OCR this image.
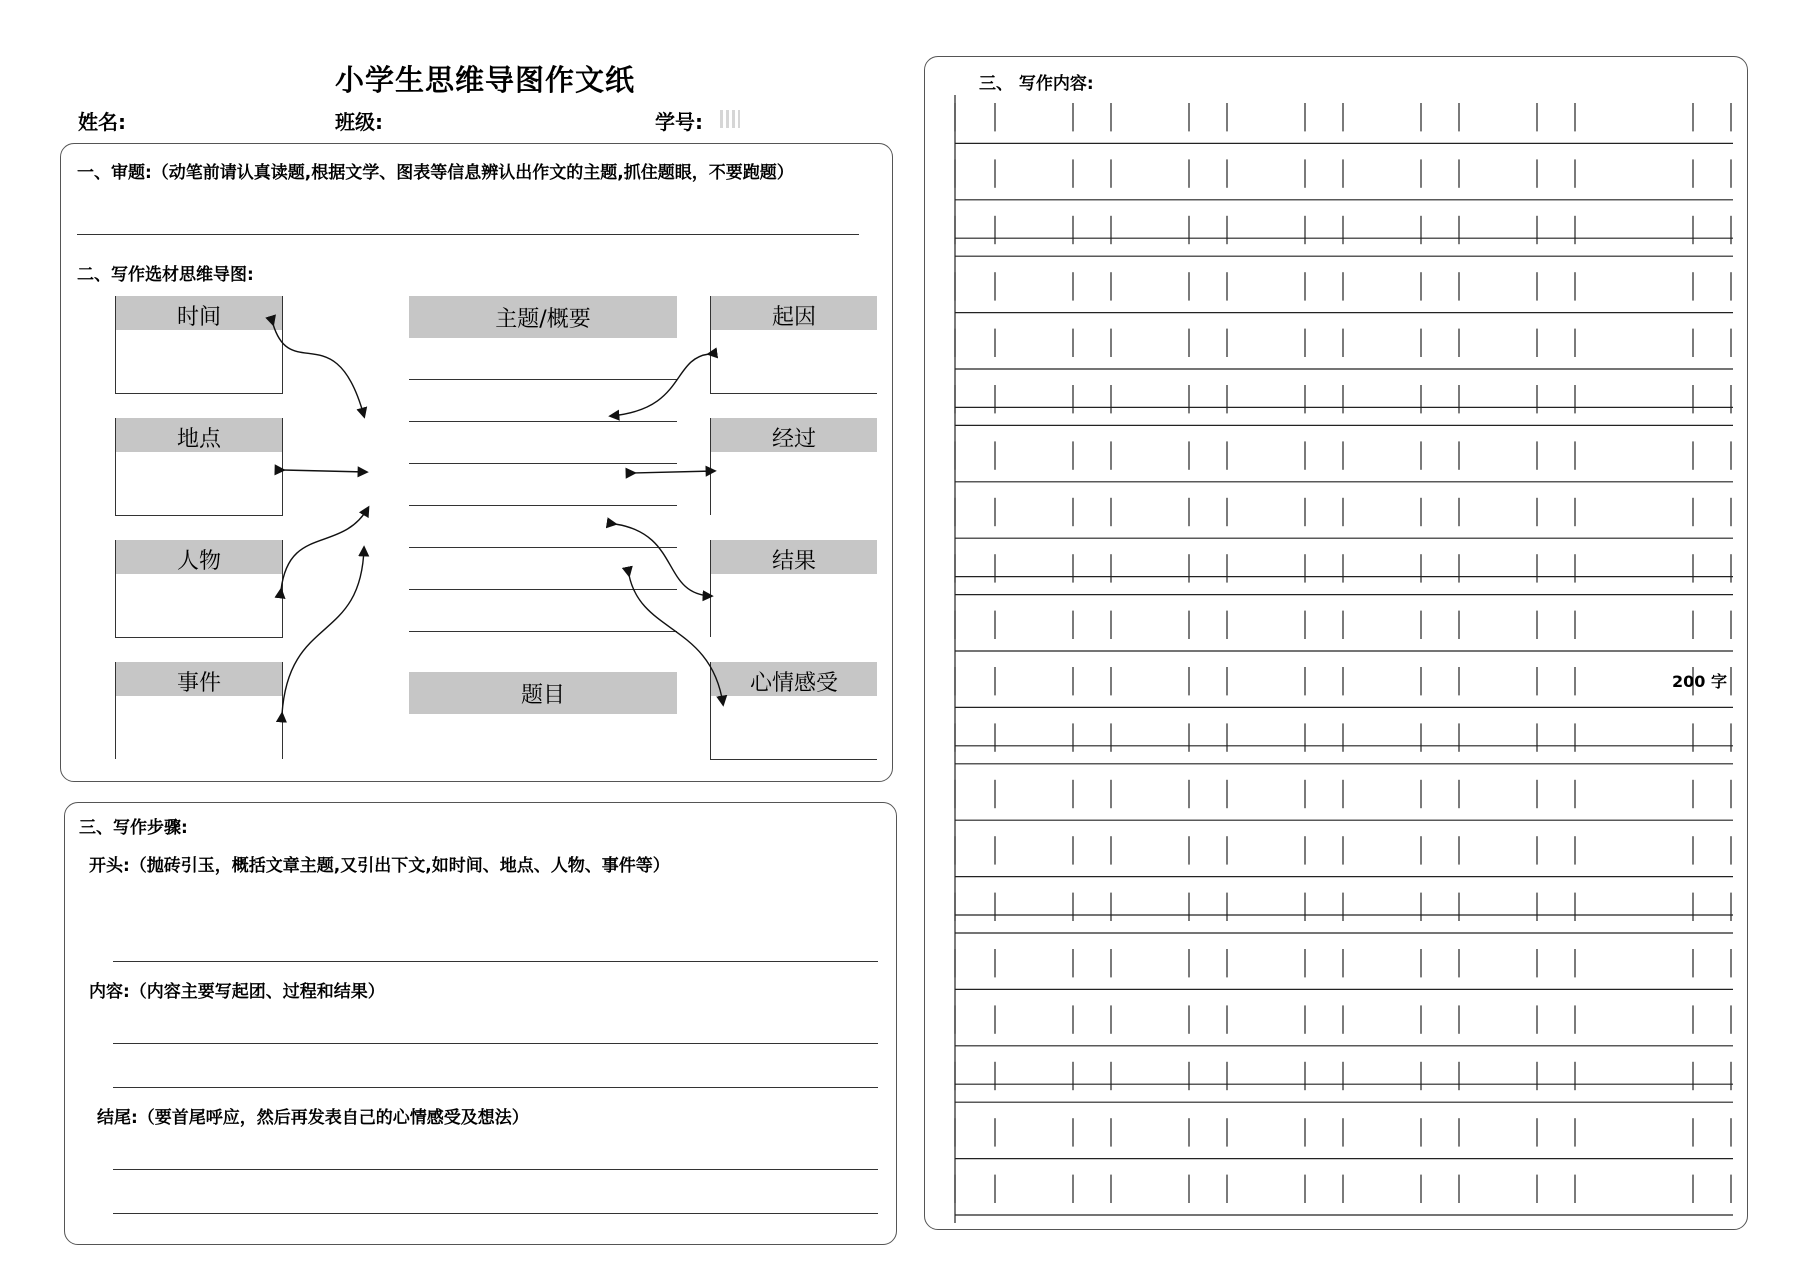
小学生思维导图作文纸
姓名:	班级:	学号:
一、审题:（动笔前请认真读题,根据文学、图表等信息辨认出作文的主题,抓住题眼，不要跑题）
二、写作选材思维导图:
时间
地点
人物
事件
主题/概要
题目
起因
经过
结果
心情感受
三、写作步骤:
开头:（抛砖引玉，概括文章主题,又引出下文,如时间、地点、人物、事件等）
内容:（内容主要写起团、过程和结果）
结尾:（要首尾呼应，然后再发表自己的心情感受及想法）
三、 写作内容:
200 字
